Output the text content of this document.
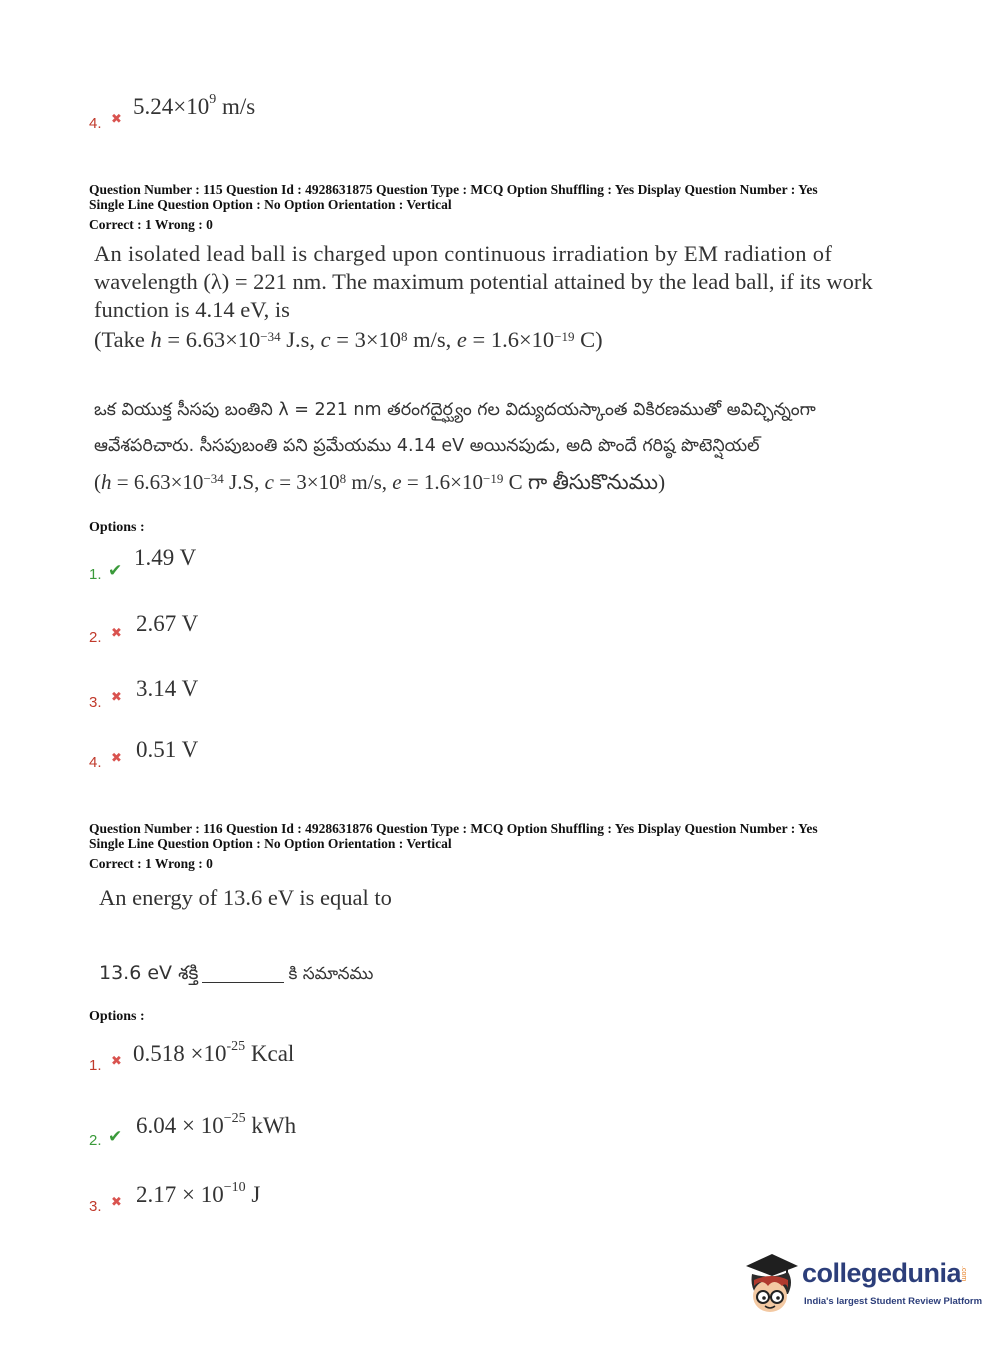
4. ✖
$5.24\times 10^9$ m/s
Question Number : 115 Question Id : 4928631875 Question Type : MCQ Option Shuffling : Yes Display Question Number : Yes
Single Line Question Option : No Option Orientation : Vertical
Correct : 1 Wrong : 0
An isolated lead ball is charged upon continuous irradiation by EM radiation of
wavelength (λ) = 221 nm. The maximum potential attained by the lead ball, if its work
function is 4.14 eV, is
(Take $h = 6.63\times 10^{-34}$ J.s, $c = 3\times 10^8$ m/s, $e = 1.6\times 10^{-19}$ C)
ఒక వియుక్త సీసపు బంతిని λ = 221 nm తరంగదైర్ఘ్యం గల విద్యుదయస్కాంత వికిరణముతో అవిచ్ఛిన్నంగా
ఆవేశపరిచారు. సీసపుబంతి పని ప్రమేయము 4.14 eV అయినపుడు, అది పొందే గరిష్ఠ పొటెన్షియల్
($h = 6.63\times 10^{-34}$ J.S, $c = 3\times 10^8$ m/s, $e = 1.6\times 10^{-19}$ C గా తీసుకొనుము)
Options :
1. ✔
1.49 V
2. ✖ 2.67 V
3. ✖ 3.14 V
4. ✖ 0.51 V
Question Number : 116 Question Id : 4928631876 Question Type : MCQ Option Shuffling : Yes Display Question Number : Yes
Single Line Question Option : No Option Orientation : Vertical
Correct : 1 Wrong : 0
An energy of 13.6 eV is equal to
13.6 eV శక్తి	కి సమానము
Options :
1. ✖ $0.518 \times 10^{-25}$ Kcal
2. ✔ $6.04 \times 10^{-25}$ kWh
3. ✖ $2.17 \times 10^{-10}$ J
collegedunia
.com
India's largest Student Review Platform
